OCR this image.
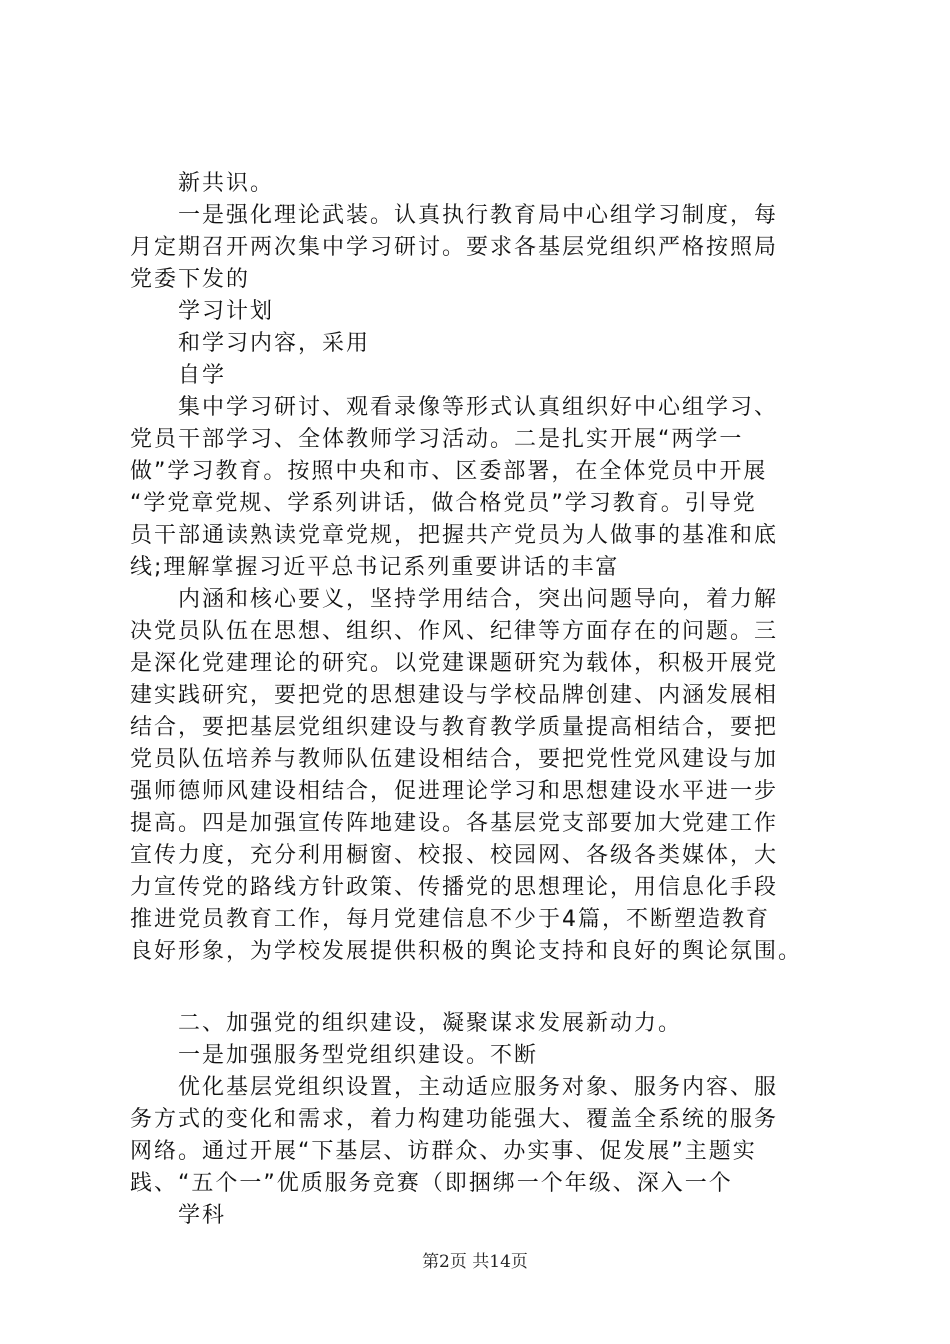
新共识。
一是强化理论武装。认真执行教育局中心组学习制度，每
月定期召开两次集中学习研讨。要求各基层党组织严格按照局
党委下发的
学习计划
和学习内容，采用
自学
集中学习研讨、观看录像等形式认真组织好中心组学习、
党员干部学习、全体教师学习活动。二是扎实开展“两学一
做”学习教育。按照中央和市、区委部署，在全体党员中开展
“学党章党规、学系列讲话，做合格党员”学习教育。引导党
员干部通读熟读党章党规，把握共产党员为人做事的基准和底
线;理解掌握习近平总书记系列重要讲话的丰富
内涵和核心要义，坚持学用结合，突出问题导向，着力解
决党员队伍在思想、组织、作风、纪律等方面存在的问题。三
是深化党建理论的研究。以党建课题研究为载体，积极开展党
建实践研究，要把党的思想建设与学校品牌创建、内涵发展相
结合，要把基层党组织建设与教育教学质量提高相结合，要把
党员队伍培养与教师队伍建设相结合，要把党性党风建设与加
强师德师风建设相结合，促进理论学习和思想建设水平进一步
提高。四是加强宣传阵地建设。各基层党支部要加大党建工作
宣传力度，充分利用橱窗、校报、校园网、各级各类媒体，大
力宣传党的路线方针政策、传播党的思想理论，用信息化手段
推进党员教育工作，每月党建信息不少于4篇，不断塑造教育
良好形象，为学校发展提供积极的舆论支持和良好的舆论氛围。
二、加强党的组织建设，凝聚谋求发展新动力。
一是加强服务型党组织建设。不断
优化基层党组织设置，主动适应服务对象、服务内容、服
务方式的变化和需求，着力构建功能强大、覆盖全系统的服务
网络。通过开展“下基层、访群众、办实事、促发展”主题实
践、“五个一”优质服务竞赛（即捆绑一个年级、深入一个
学科
第2页 共14页
